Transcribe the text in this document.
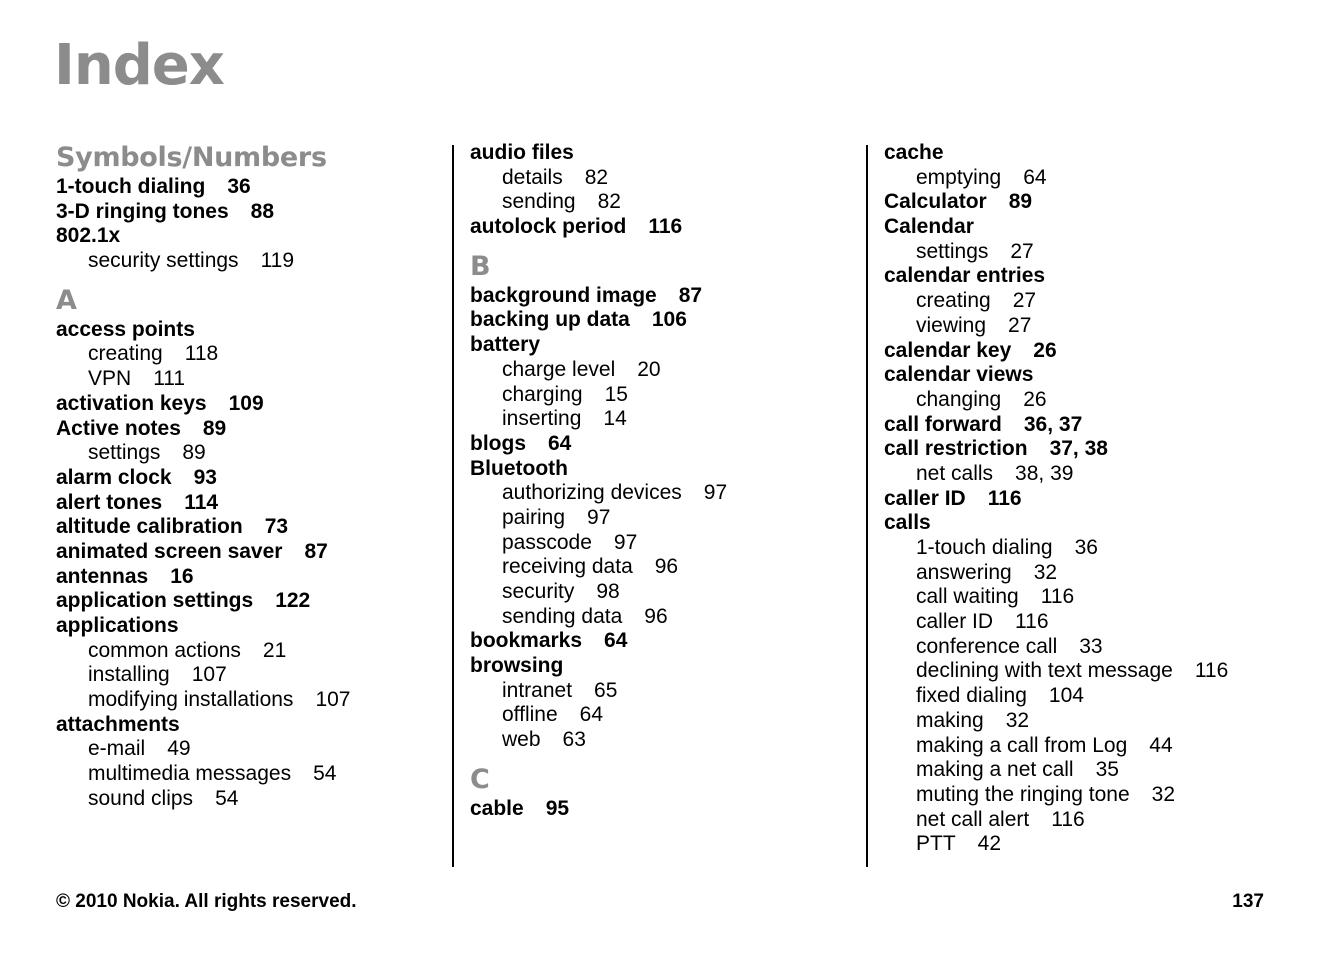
Index
Symbols/Numbers
1-touch dialing 36
3-D ringing tones 88
802.1x
security settings 119
A
access points
creating 118
VPN 111
activation keys 109
Active notes 89
settings 89
alarm clock 93
alert tones 114
altitude calibration 73
animated screen saver 87
antennas 16
application settings 122
applications
common actions 21
installing 107
modifying installations 107
attachments
e-mail 49
multimedia messages 54
sound clips 54
audio files
details 82
sending 82
autolock period 116
B
background image 87
backing up data 106
battery
charge level 20
charging 15
inserting 14
blogs 64
Bluetooth
authorizing devices 97
pairing 97
passcode 97
receiving data 96
security 98
sending data 96
bookmarks 64
browsing
intranet 65
offline 64
web 63
C
cable 95
cache
emptying 64
Calculator 89
Calendar
settings 27
calendar entries
creating 27
viewing 27
calendar key 26
calendar views
changing 26
call forward 36, 37
call restriction 37, 38
net calls 38, 39
caller ID 116
calls
1-touch dialing 36
answering 32
call waiting 116
caller ID 116
conference call 33
declining with text message 116
fixed dialing 104
making 32
making a call from Log 44
making a net call 35
muting the ringing tone 32
net call alert 116
PTT 42
© 2010 Nokia. All rights reserved.	137
